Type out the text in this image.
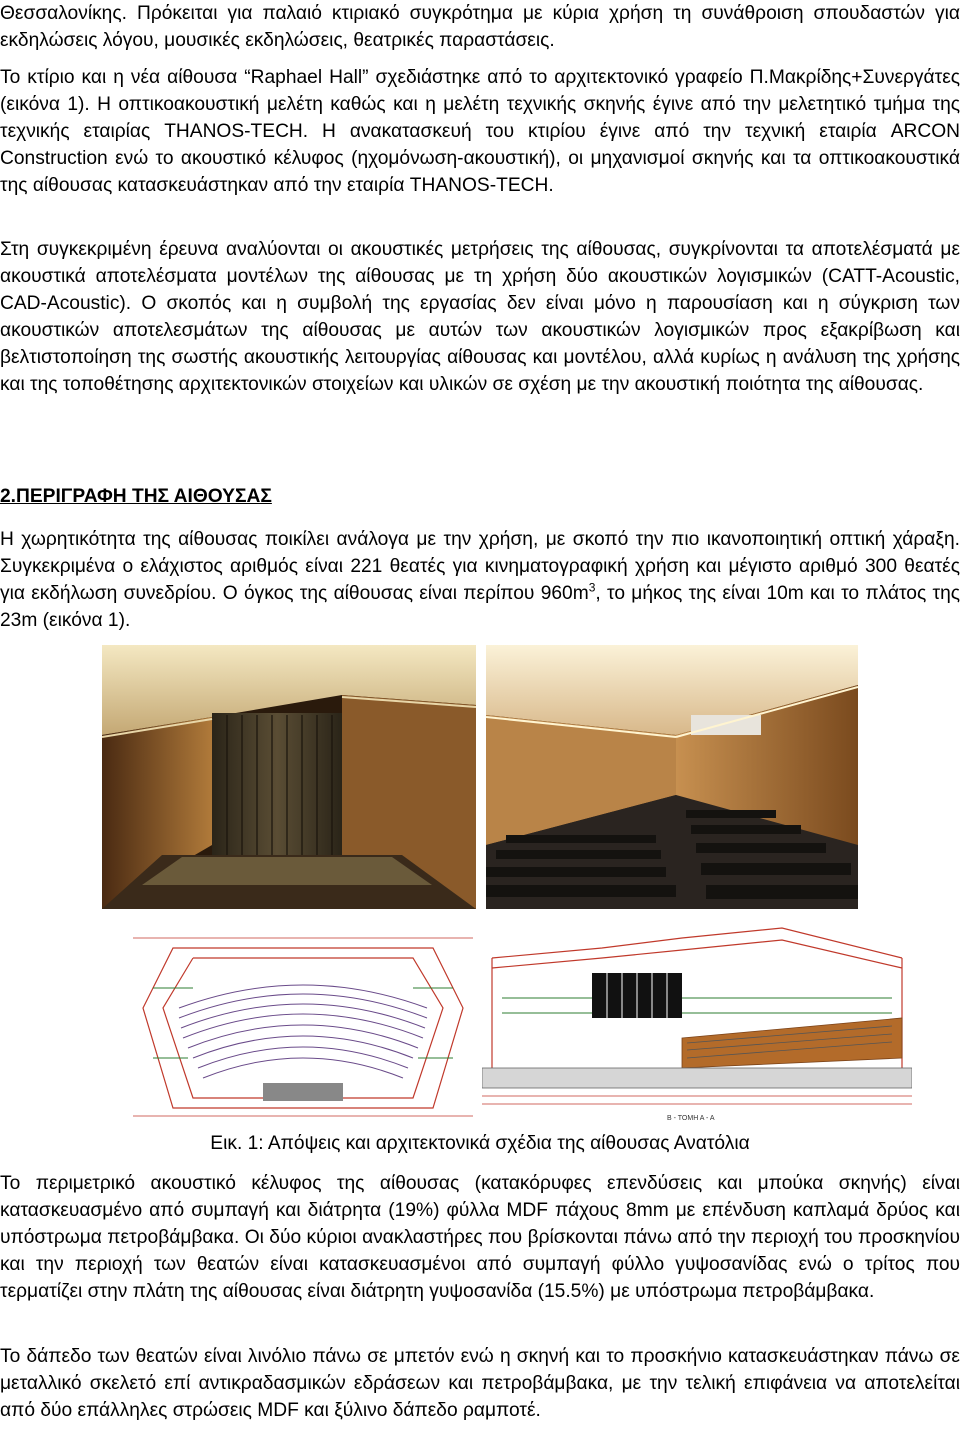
Θεσσαλονίκης. Πρόκειται για παλαιό κτιριακό συγκρότημα με κύρια χρήση τη συνάθροιση σπουδαστών για εκδηλώσεις λόγου, μουσικές εκδηλώσεις, θεατρικές παραστάσεις.

Το κτίριο και η νέα αίθουσα “Raphael Hall” σχεδιάστηκε από το αρχιτεκτονικό γραφείο Π.Μακρίδης+Συνεργάτες (εικόνα 1). Η οπτικοακουστική μελέτη καθώς και η μελέτη τεχνικής σκηνής έγινε από την μελετητικό τμήμα της τεχνικής εταιρίας THANOS-TECH. Η ανακατασκευή του κτιρίου έγινε από την τεχνική εταιρία ARCON Construction ενώ το ακουστικό κέλυφος (ηχομόνωση-ακουστική), οι μηχανισμοί σκηνής και τα οπτικοακουστικά της αίθουσας κατασκευάστηκαν από την εταιρία THANOS-TECH.

Στη συγκεκριμένη έρευνα αναλύονται οι ακουστικές μετρήσεις της αίθουσας, συγκρίνονται τα αποτελέσματά με ακουστικά αποτελέσματα μοντέλων της αίθουσας με τη χρήση δύο ακουστικών λογισμικών (CATT-Acoustic, CAD-Acoustic). Ο σκοπός και η συμβολή της εργασίας δεν είναι μόνο η παρουσίαση και η σύγκριση των ακουστικών αποτελεσμάτων της αίθουσας με αυτών των ακουστικών λογισμικών προς εξακρίβωση και βελτιστοποίηση της σωστής ακουστικής λειτουργίας αίθουσας και μοντέλου, αλλά κυρίως η ανάλυση της χρήσης και της τοποθέτησης αρχιτεκτονικών στοιχείων και υλικών σε σχέση με την ακουστική ποιότητα της αίθουσας.

2.ΠΕΡΙΓΡΑΦΗ ΤΗΣ ΑΙΘΟΥΣΑΣ

Η χωρητικότητα της αίθουσας ποικίλει ανάλογα με την χρήση, με σκοπό την πιο ικανοποιητική οπτική χάραξη. Συγκεκριμένα ο ελάχιστος αριθμός είναι 221 θεατές για κινηματογραφική χρήση και μέγιστο αριθμό 300 θεατές για εκδήλωση συνεδρίου. Ο όγκος της αίθουσας είναι περίπου $960m^3$, το μήκος της είναι 10m και το πλάτος της 23m (εικόνα 1).

Β - ΤΟΜΗ Α - Α
Εικ. 1: Απόψεις και αρχιτεκτονικά σχέδια της αίθουσας Ανατόλια

Το περιμετρικό ακουστικό κέλυφος της αίθουσας (κατακόρυφες επενδύσεις και μπούκα σκηνής) είναι κατασκευασμένο από συμπαγή και διάτρητα (19%) φύλλα MDF πάχους 8mm με επένδυση καπλαμά δρύος και υπόστρωμα πετροβάμβακα. Οι δύο κύριοι ανακλαστήρες που βρίσκονται πάνω από την περιοχή του προσκηνίου και την περιοχή των θεατών είναι κατασκευασμένοι από συμπαγή φύλλο γυψοσανίδας ενώ ο τρίτος που τερματίζει στην πλάτη της αίθουσας είναι διάτρητη γυψοσανίδα (15.5%) με υπόστρωμα πετροβάμβακα.

Το δάπεδο των θεατών είναι λινόλιο πάνω σε μπετόν ενώ η σκηνή και το προσκήνιο κατασκευάστηκαν πάνω σε μεταλλικό σκελετό επί αντικραδασμικών εδράσεων και πετροβάμβακα, με την τελική επιφάνεια να αποτελείται από δύο επάλληλες στρώσεις MDF και ξύλινο δάπεδο ραμποτέ.
